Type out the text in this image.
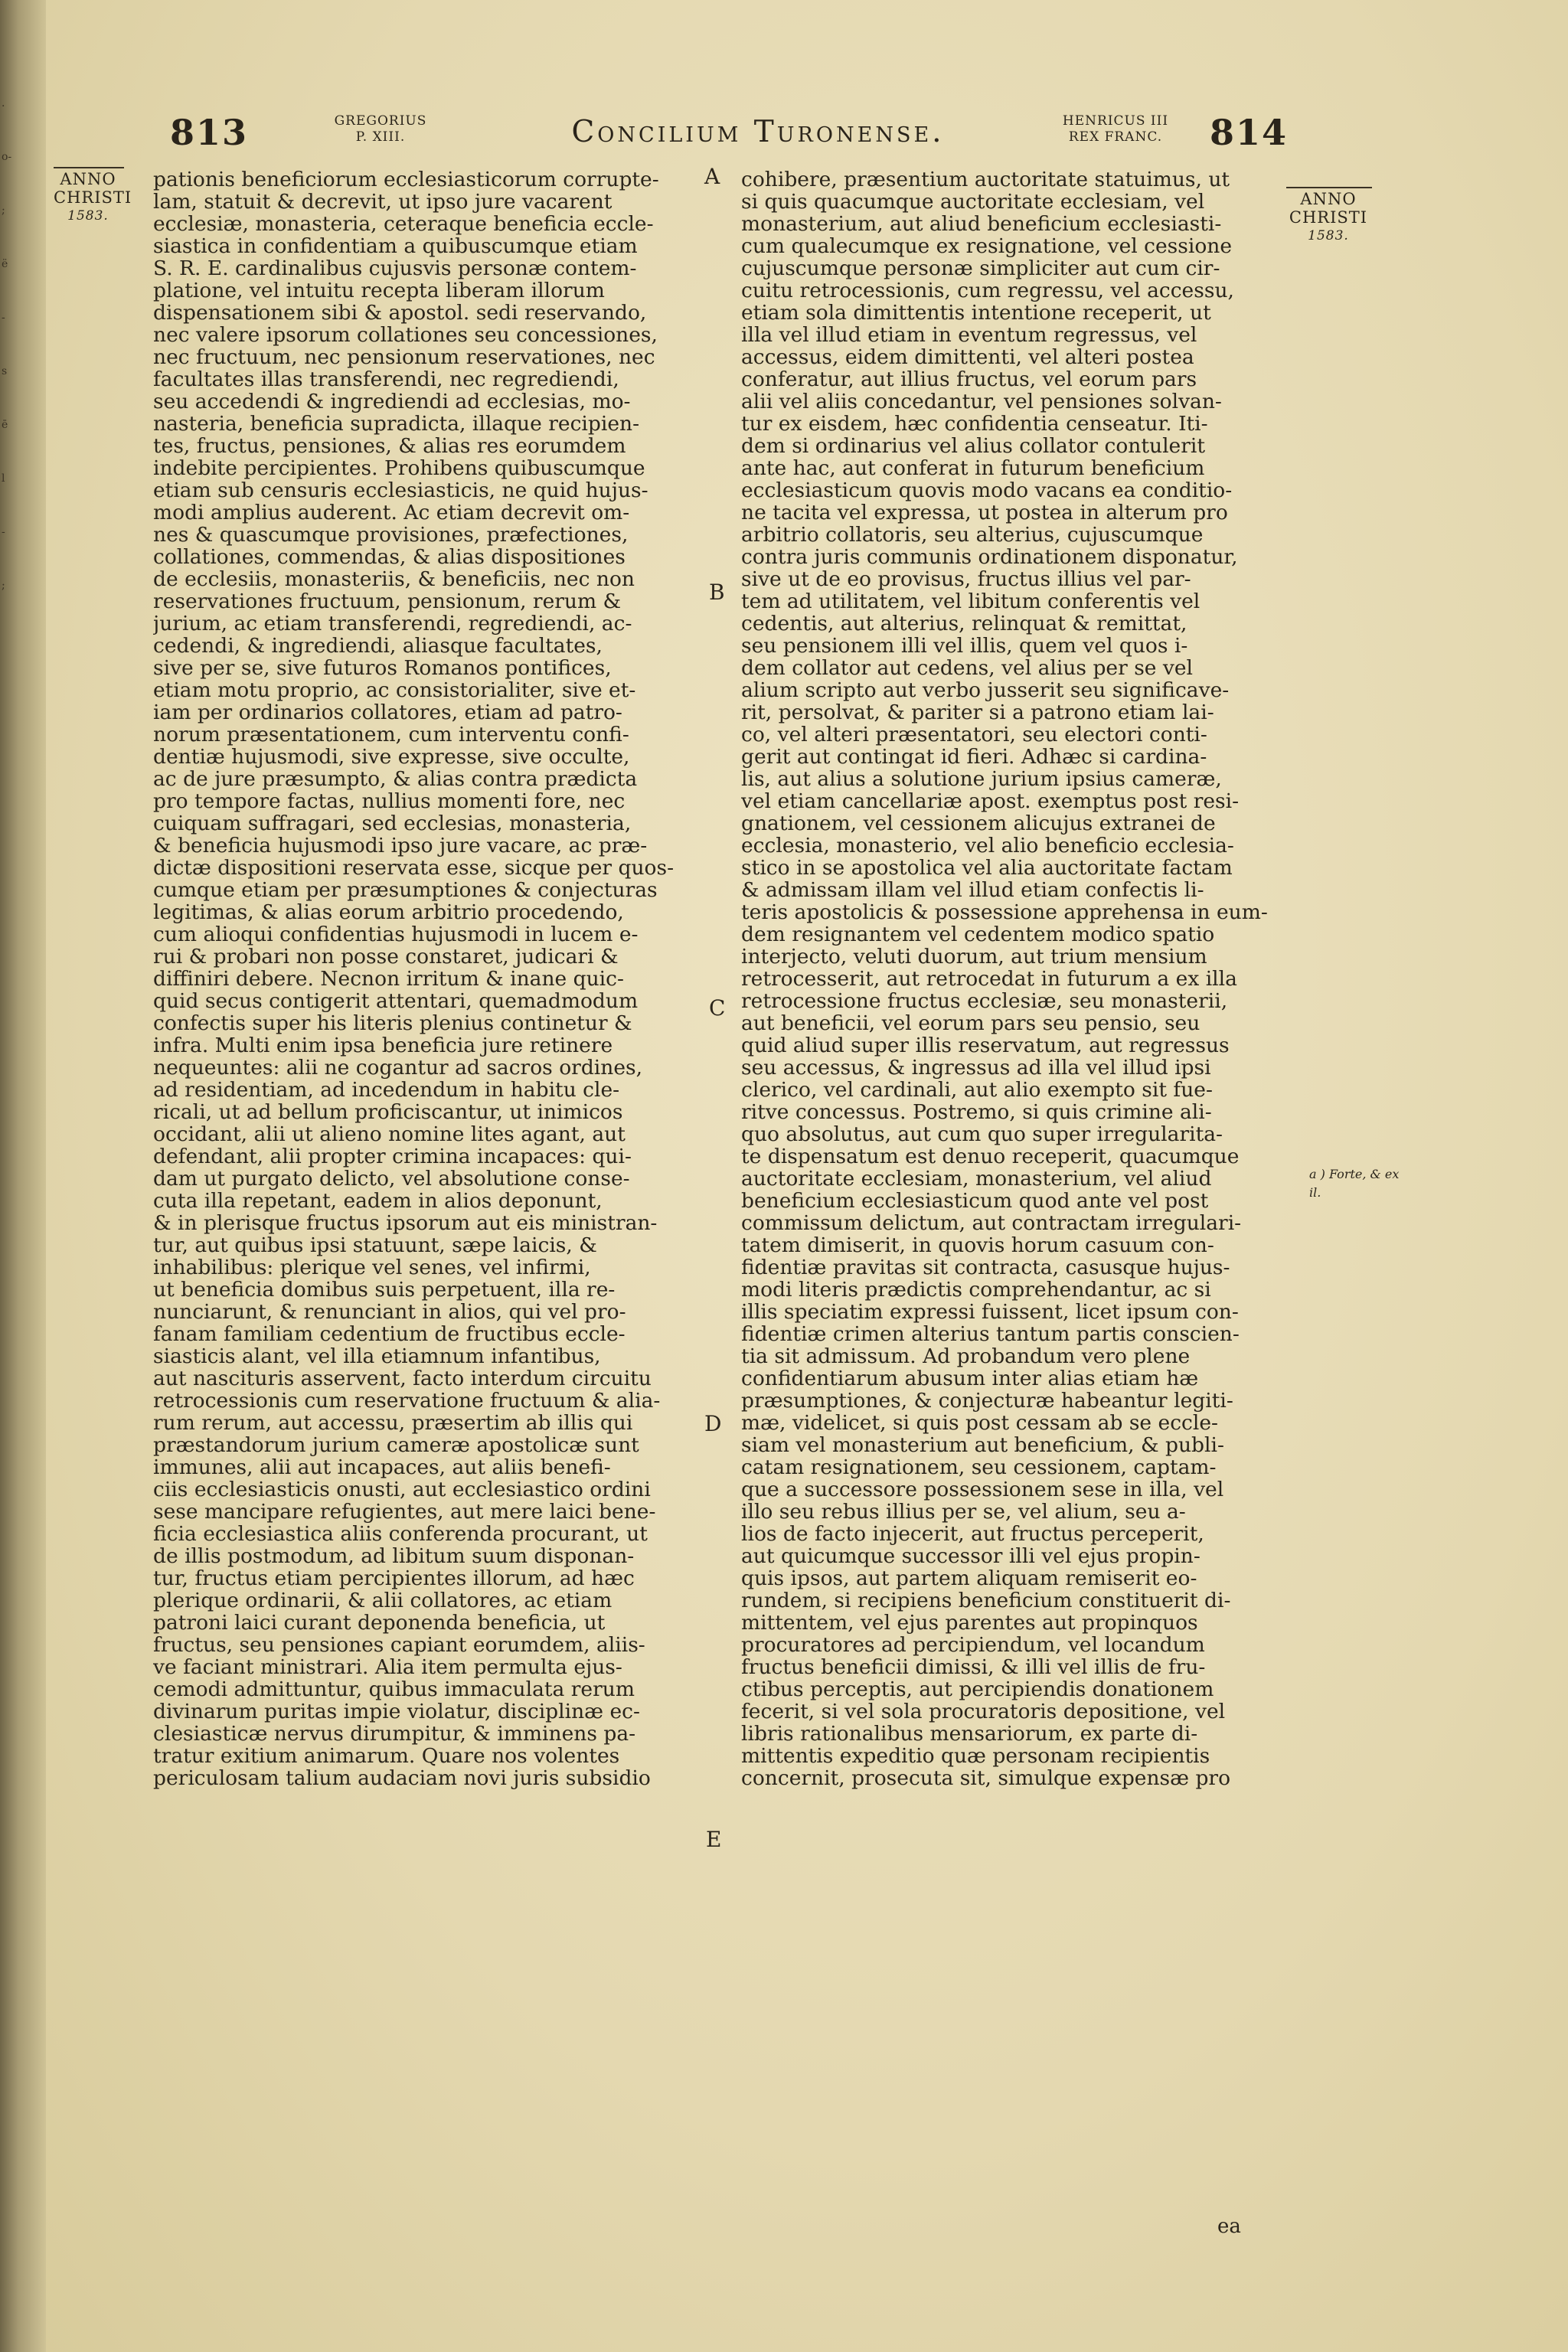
.
o-
;
ë
-
s
ē
l
-
;
813	GREGORIUS
P. XIII.	Concilium Turonense.	HENRICUS III
REX FRANC.	814
ANNO CHRISTI
1583.
ANNO CHRISTI
1583.
pationis beneficiorum ecclesiasticorum corrupte-
lam, statuit & decrevit, ut ipso jure vacarent
ecclesiæ, monasteria, ceteraque beneficia eccle-
siastica in confidentiam a quibuscumque etiam
S. R. E. cardinalibus cujusvis personæ contem-
platione, vel intuitu recepta liberam illorum
dispensationem sibi & apostol. sedi reservando,
nec valere ipsorum collationes seu concessiones,
nec fructuum, nec pensionum reservationes, nec
facultates illas transferendi, nec regrediendi,
seu accedendi & ingrediendi ad ecclesias, mo-
nasteria, beneficia supradicta, illaque recipien-
tes, fructus, pensiones, & alias res eorumdem
indebite percipientes. Prohibens quibuscumque
etiam sub censuris ecclesiasticis, ne quid hujus-
modi amplius auderent. Ac etiam decrevit om-
nes & quascumque provisiones, præfectiones,
collationes, commendas, & alias dispositiones
de ecclesiis, monasteriis, & beneficiis, nec non
reservationes fructuum, pensionum, rerum &
jurium, ac etiam transferendi, regrediendi, ac-
cedendi, & ingrediendi, aliasque facultates,
sive per se, sive futuros Romanos pontifices,
etiam motu proprio, ac consistorialiter, sive et-
iam per ordinarios collatores, etiam ad patro-
norum præsentationem, cum interventu confi-
dentiæ hujusmodi, sive expresse, sive occulte,
ac de jure præsumpto, & alias contra prædicta
pro tempore factas, nullius momenti fore, nec
cuiquam suffragari, sed ecclesias, monasteria,
& beneficia hujusmodi ipso jure vacare, ac præ-
dictæ dispositioni reservata esse, sicque per quos-
cumque etiam per præsumptiones & conjecturas
legitimas, & alias eorum arbitrio procedendo,
cum alioqui confidentias hujusmodi in lucem e-
rui & probari non posse constaret, judicari &
diffiniri debere. Necnon irritum & inane quic-
quid secus contigerit attentari, quemadmodum
confectis super his literis plenius continetur &
infra. Multi enim ipsa beneficia jure retinere
nequeuntes: alii ne cogantur ad sacros ordines,
ad residentiam, ad incedendum in habitu cle-
ricali, ut ad bellum proficiscantur, ut inimicos
occidant, alii ut alieno nomine lites agant, aut
defendant, alii propter crimina incapaces: qui-
dam ut purgato delicto, vel absolutione conse-
cuta illa repetant, eadem in alios deponunt,
& in plerisque fructus ipsorum aut eis ministran-
tur, aut quibus ipsi statuunt, sæpe laicis, &
inhabilibus: plerique vel senes, vel infirmi,
ut beneficia domibus suis perpetuent, illa re-
nunciarunt, & renunciant in alios, qui vel pro-
fanam familiam cedentium de fructibus eccle-
siasticis alant, vel illa etiamnum infantibus,
aut nascituris asservent, facto interdum circuitu
retrocessionis cum reservatione fructuum & alia-
rum rerum, aut accessu, præsertim ab illis qui
præstandorum jurium cameræ apostolicæ sunt
immunes, alii aut incapaces, aut aliis benefi-
ciis ecclesiasticis onusti, aut ecclesiastico ordini
sese mancipare refugientes, aut mere laici bene-
ficia ecclesiastica aliis conferenda procurant, ut
de illis postmodum, ad libitum suum disponan-
tur, fructus etiam percipientes illorum, ad hæc
plerique ordinarii, & alii collatores, ac etiam
patroni laici curant deponenda beneficia, ut
fructus, seu pensiones capiant eorumdem, aliis-
ve faciant ministrari. Alia item permulta ejus-
cemodi admittuntur, quibus immaculata rerum
divinarum puritas impie violatur, disciplinæ ec-
clesiasticæ nervus dirumpitur, & imminens pa-
tratur exitium animarum. Quare nos volentes
periculosam talium audaciam novi juris subsidio
cohibere, præsentium auctoritate statuimus, ut
si quis quacumque auctoritate ecclesiam, vel
monasterium, aut aliud beneficium ecclesiasti-
cum qualecumque ex resignatione, vel cessione
cujuscumque personæ simpliciter aut cum cir-
cuitu retrocessionis, cum regressu, vel accessu,
etiam sola dimittentis intentione receperit, ut
illa vel illud etiam in eventum regressus, vel
accessus, eidem dimittenti, vel alteri postea
conferatur, aut illius fructus, vel eorum pars
alii vel aliis concedantur, vel pensiones solvan-
tur ex eisdem, hæc confidentia censeatur. Iti-
dem si ordinarius vel alius collator contulerit
ante hac, aut conferat in futurum beneficium
ecclesiasticum quovis modo vacans ea conditio-
ne tacita vel expressa, ut postea in alterum pro
arbitrio collatoris, seu alterius, cujuscumque
contra juris communis ordinationem disponatur,
sive ut de eo provisus, fructus illius vel par-
tem ad utilitatem, vel libitum conferentis vel
cedentis, aut alterius, relinquat & remittat,
seu pensionem illi vel illis, quem vel quos i-
dem collator aut cedens, vel alius per se vel
alium scripto aut verbo jusserit seu significave-
rit, persolvat, & pariter si a patrono etiam lai-
co, vel alteri præsentatori, seu electori conti-
gerit aut contingat id fieri. Adhæc si cardina-
lis, aut alius a solutione jurium ipsius cameræ,
vel etiam cancellariæ apost. exemptus post resi-
gnationem, vel cessionem alicujus extranei de
ecclesia, monasterio, vel alio beneficio ecclesia-
stico in se apostolica vel alia auctoritate factam
& admissam illam vel illud etiam confectis li-
teris apostolicis & possessione apprehensa in eum-
dem resignantem vel cedentem modico spatio
interjecto, veluti duorum, aut trium mensium
retrocesserit, aut retrocedat in futurum a ex illa
retrocessione fructus ecclesiæ, seu monasterii,
aut beneficii, vel eorum pars seu pensio, seu
quid aliud super illis reservatum, aut regressus
seu accessus, & ingressus ad illa vel illud ipsi
clerico, vel cardinali, aut alio exempto sit fue-
ritve concessus. Postremo, si quis crimine ali-
quo absolutus, aut cum quo super irregularita-
te dispensatum est denuo receperit, quacumque
auctoritate ecclesiam, monasterium, vel aliud
beneficium ecclesiasticum quod ante vel post
commissum delictum, aut contractam irregulari-
tatem dimiserit, in quovis horum casuum con-
fidentiæ pravitas sit contracta, casusque hujus-
modi literis prædictis comprehendantur, ac si
illis speciatim expressi fuissent, licet ipsum con-
fidentiæ crimen alterius tantum partis conscien-
tia sit admissum. Ad probandum vero plene
confidentiarum abusum inter alias etiam hæ
præsumptiones, & conjecturæ habeantur legiti-
mæ, videlicet, si quis post cessam ab se eccle-
siam vel monasterium aut beneficium, & publi-
catam resignationem, seu cessionem, captam-
que a successore possessionem sese in illa, vel
illo seu rebus illius per se, vel alium, seu a-
lios de facto injecerit, aut fructus perceperit,
aut quicumque successor illi vel ejus propin-
quis ipsos, aut partem aliquam remiserit eo-
rundem, si recipiens beneficium constituerit di-
mittentem, vel ejus parentes aut propinquos
procuratores ad percipiendum, vel locandum
fructus beneficii dimissi, & illi vel illis de fru-
ctibus perceptis, aut percipiendis donationem
fecerit, si vel sola procuratoris depositione, vel
libris rationalibus mensariorum, ex parte di-
mittentis expeditio quæ personam recipientis
concernit, prosecuta sit, simulque expensæ pro
A
B
C
D
E
a ) Forte, & ex il.
ea
